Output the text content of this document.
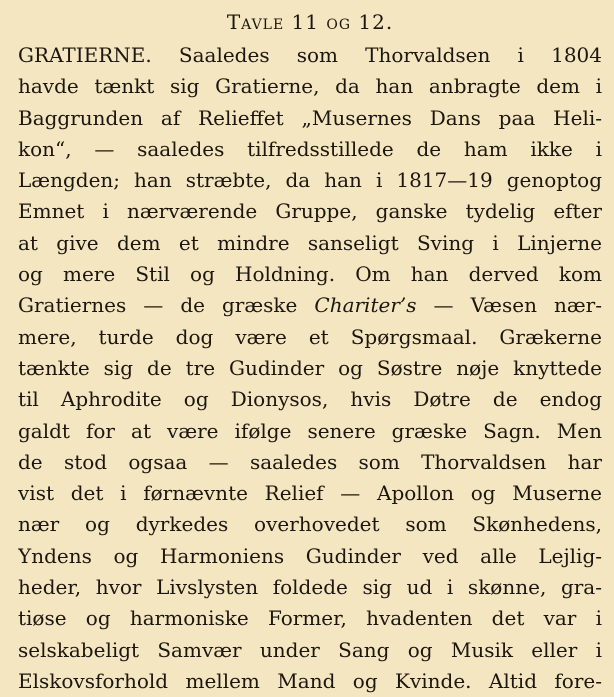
Tavle 11 og 12.
GRATIERNE. Saaledes som Thorvaldsen i 1804
havde tænkt sig Gratierne, da han anbragte dem i
Baggrunden af Relieffet „Musernes Dans paa Heli-
kon“, — saaledes tilfredsstillede de ham ikke i
Længden; han stræbte, da han i 1817—19 genoptog
Emnet i nærværende Gruppe, ganske tydelig efter
at give dem et mindre sanseligt Sving i Linjerne
og mere Stil og Holdning. Om han derved kom
Gratiernes — de græske Chariter’s — Væsen nær-
mere, turde dog være et Spørgsmaal. Grækerne
tænkte sig de tre Gudinder og Søstre nøje knyttede
til Aphrodite og Dionysos, hvis Døtre de endog
galdt for at være ifølge senere græske Sagn. Men
de stod ogsaa — saaledes som Thorvaldsen har
vist det i førnævnte Relief — Apollon og Muserne
nær og dyrkedes overhovedet som Skønhedens,
Yndens og Harmoniens Gudinder ved alle Lejlig-
heder, hvor Livslysten foldede sig ud i skønne, gra-
tiøse og harmoniske Former, hvadenten det var i
selskabeligt Samvær under Sang og Musik eller i
Elskovsforhold mellem Mand og Kvinde. Altid fore-
